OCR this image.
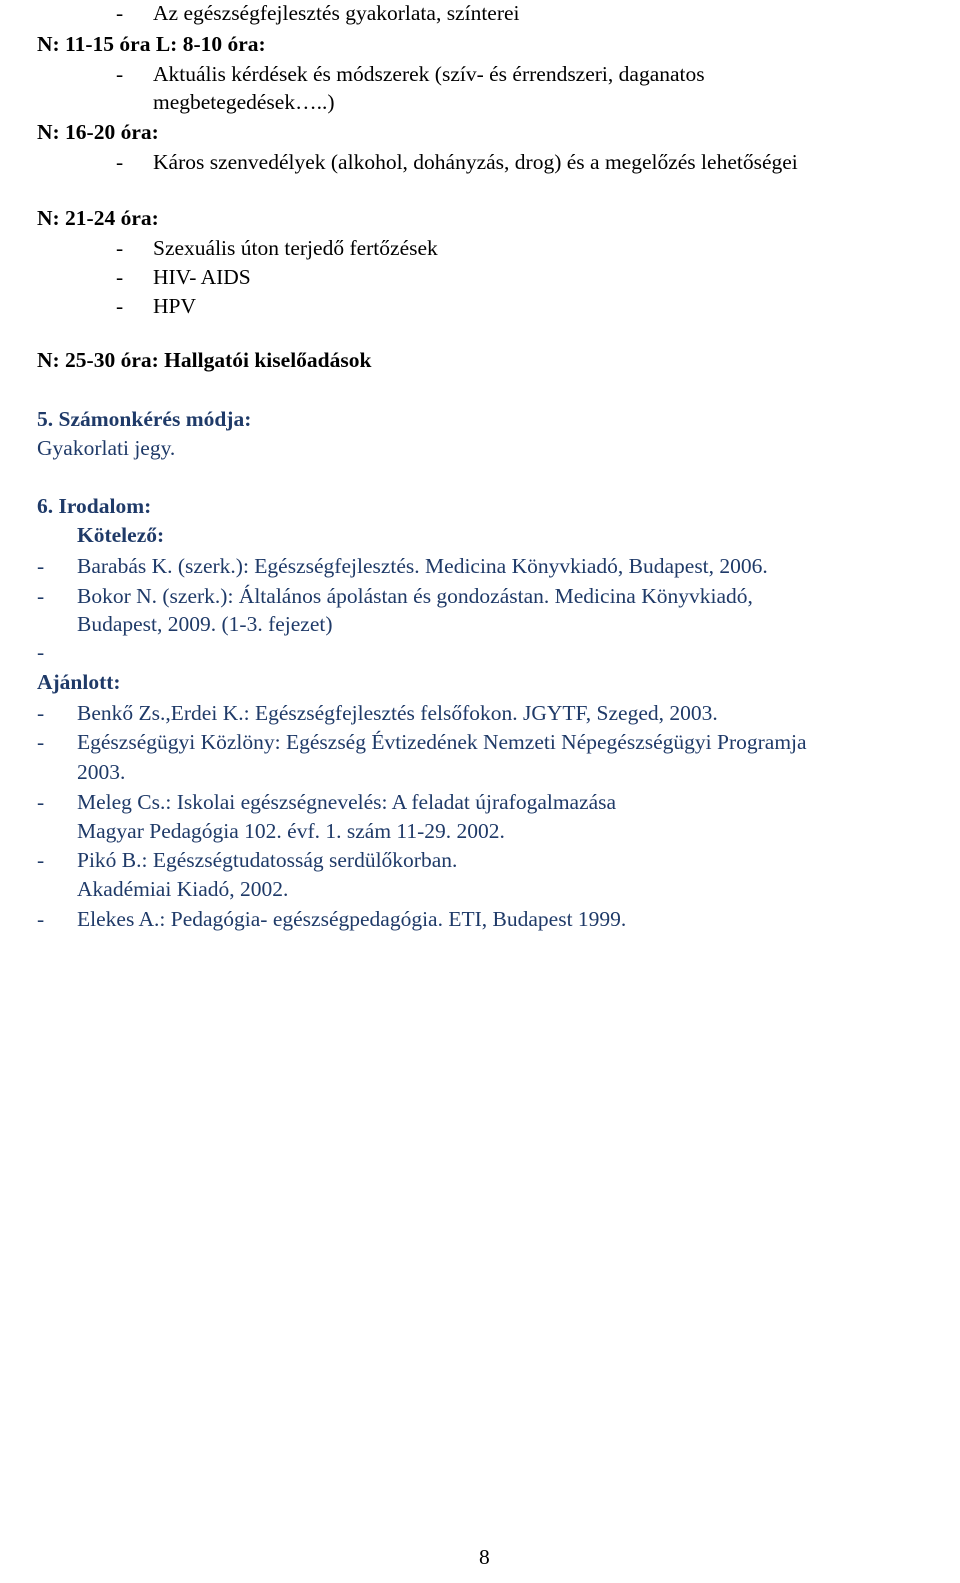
- Az egészségfejlesztés gyakorlata, színterei
N: 11-15 óra L: 8-10 óra:
- Aktuális kérdések és módszerek (szív- és érrendszeri, daganatos
megbetegedések…..)
N: 16-20 óra:
- Káros szenvedélyek (alkohol, dohányzás, drog) és a megelőzés lehetőségei
N: 21-24 óra:
- Szexuális úton terjedő fertőzések
- HIV- AIDS
- HPV
N: 25-30 óra: Hallgatói kiselőadások
5. Számonkérés módja:
Gyakorlati jegy.
6. Irodalom:
Kötelező:
- Barabás K. (szerk.): Egészségfejlesztés. Medicina Könyvkiadó, Budapest, 2006.
- Bokor N. (szerk.): Általános ápolástan és gondozástan. Medicina Könyvkiadó,
Budapest, 2009. (1-3. fejezet)
-
Ajánlott:
- Benkő Zs.,Erdei K.: Egészségfejlesztés felsőfokon. JGYTF, Szeged, 2003.
- Egészségügyi Közlöny: Egészség Évtizedének Nemzeti Népegészségügyi Programja
2003.
- Meleg Cs.: Iskolai egészségnevelés: A feladat újrafogalmazása
Magyar Pedagógia 102. évf. 1. szám 11-29. 2002.
- Pikó B.: Egészségtudatosság serdülőkorban.
Akadémiai Kiadó, 2002.
- Elekes A.: Pedagógia- egészségpedagógia. ETI, Budapest 1999.
8
